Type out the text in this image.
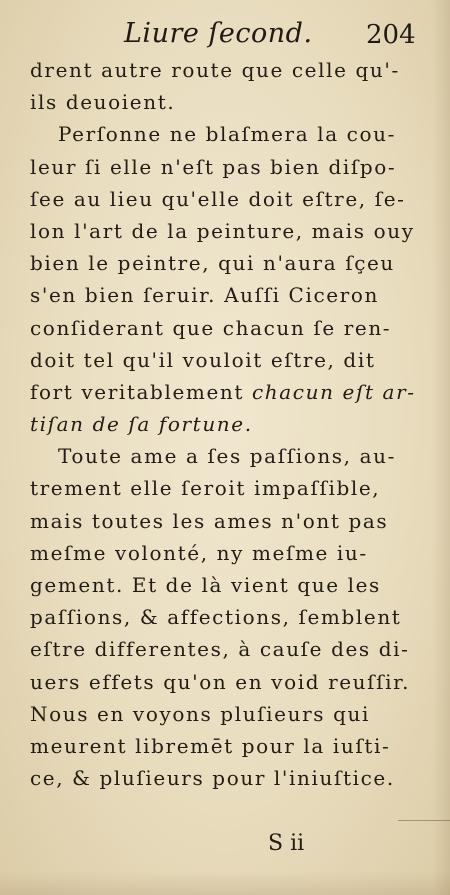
Liure ſecond. 204
drent autre route que celle qu'-
ils deuoient.
Perſonne ne blaſmera la cou-
leur ſi elle n'eſt pas bien diſpo-
ſee au lieu qu'elle doit eſtre, ſe-
lon l'art de la peinture, mais ouy
bien le peintre, qui n'aura ſçeu
s'en bien ſeruir. Auſſi Ciceron
conſiderant que chacun ſe ren-
doit tel qu'il vouloit eſtre, dit
fort veritablement chacun eſt ar-
tiſan de ſa fortune.
Toute ame a ſes paſſions, au-
trement elle ſeroit impaſſible,
mais toutes les ames n'ont pas
meſme volonté, ny meſme iu-
gement. Et de là vient que les
paſſions, & affections, ſemblent
eſtre differentes, à cauſe des di-
uers effets qu'on en void reuſſir.
Nous en voyons pluſieurs qui
meurent libremēt pour la iuſti-
ce, & pluſieurs pour l'iniuſtice.
S ii
